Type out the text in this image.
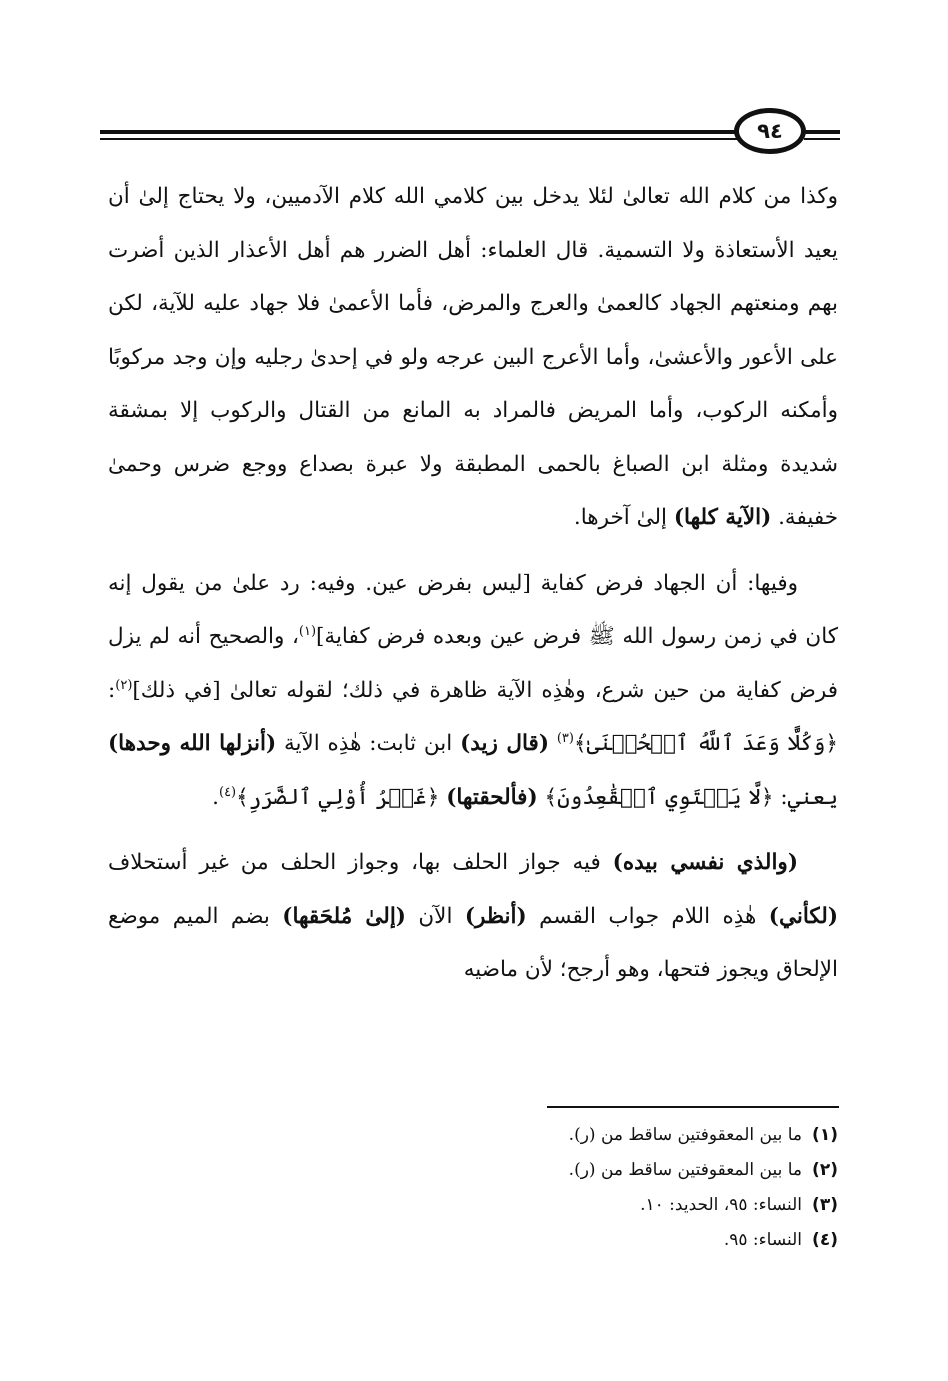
٩٤

وكذا من كلام الله تعالىٰ لئلا يدخل بين كلامي الله كلام الآدميين، ولا يحتاج إلىٰ أن يعيد الأستعاذة ولا التسمية. قال العلماء: أهل الضرر هم أهل الأعذار الذين أضرت بهم ومنعتهم الجهاد كالعمىٰ والعرج والمرض، فأما الأعمىٰ فلا جهاد عليه للآية، لكن على الأعور والأعشىٰ، وأما الأعرج البين عرجه ولو في إحدىٰ رجليه وإن وجد مركوبًا وأمكنه الركوب، وأما المريض فالمراد به المانع من القتال والركوب إلا بمشقة شديدة ومثلة ابن الصباغ بالحمى المطبقة ولا عبرة بصداع ووجع ضرس وحمىٰ خفيفة. (الآية كلها) إلىٰ آخرها.

وفيها: أن الجهاد فرض كفاية [ليس بفرض عين. وفيه: رد علىٰ من يقول إنه كان في زمن رسول الله ﷺ فرض عين وبعده فرض كفاية]$^{(١)}$، والصحيح أنه لم يزل فرض كفاية من حين شرع، وهٰذِه الآية ظاهرة في ذلك؛ لقوله تعالىٰ [في ذلك]$^{(٢)}$: ﴿وَكُلًّا وَعَدَ ٱللَّهُ ٱلۡحُسۡنَىٰ﴾$^{(٣)}$ (قال زيد) ابن ثابت: هٰذِه الآية (أنزلها الله وحدها) يعني: ﴿لَّا يَسۡتَوِي ٱلۡقَٰعِدُونَ﴾ (فألحقتها) ﴿غَيۡرُ أُوْلِي ٱلضَّرَرِ﴾$^{(٤)}$.

(والذي نفسي بيده) فيه جواز الحلف بها، وجواز الحلف من غير أستحلاف (لكأني) هٰذِه اللام جواب القسم (أنظر) الآن (إلىٰ مُلحَقها) بضم الميم موضع الإلحاق ويجوز فتحها، وهو أرجح؛ لأن ماضيه

(١)ما بين المعقوفتين ساقط من (ر).

(٢)ما بين المعقوفتين ساقط من (ر).

(٣)النساء: ٩٥، الحديد: ١٠.

(٤)النساء: ٩٥.
